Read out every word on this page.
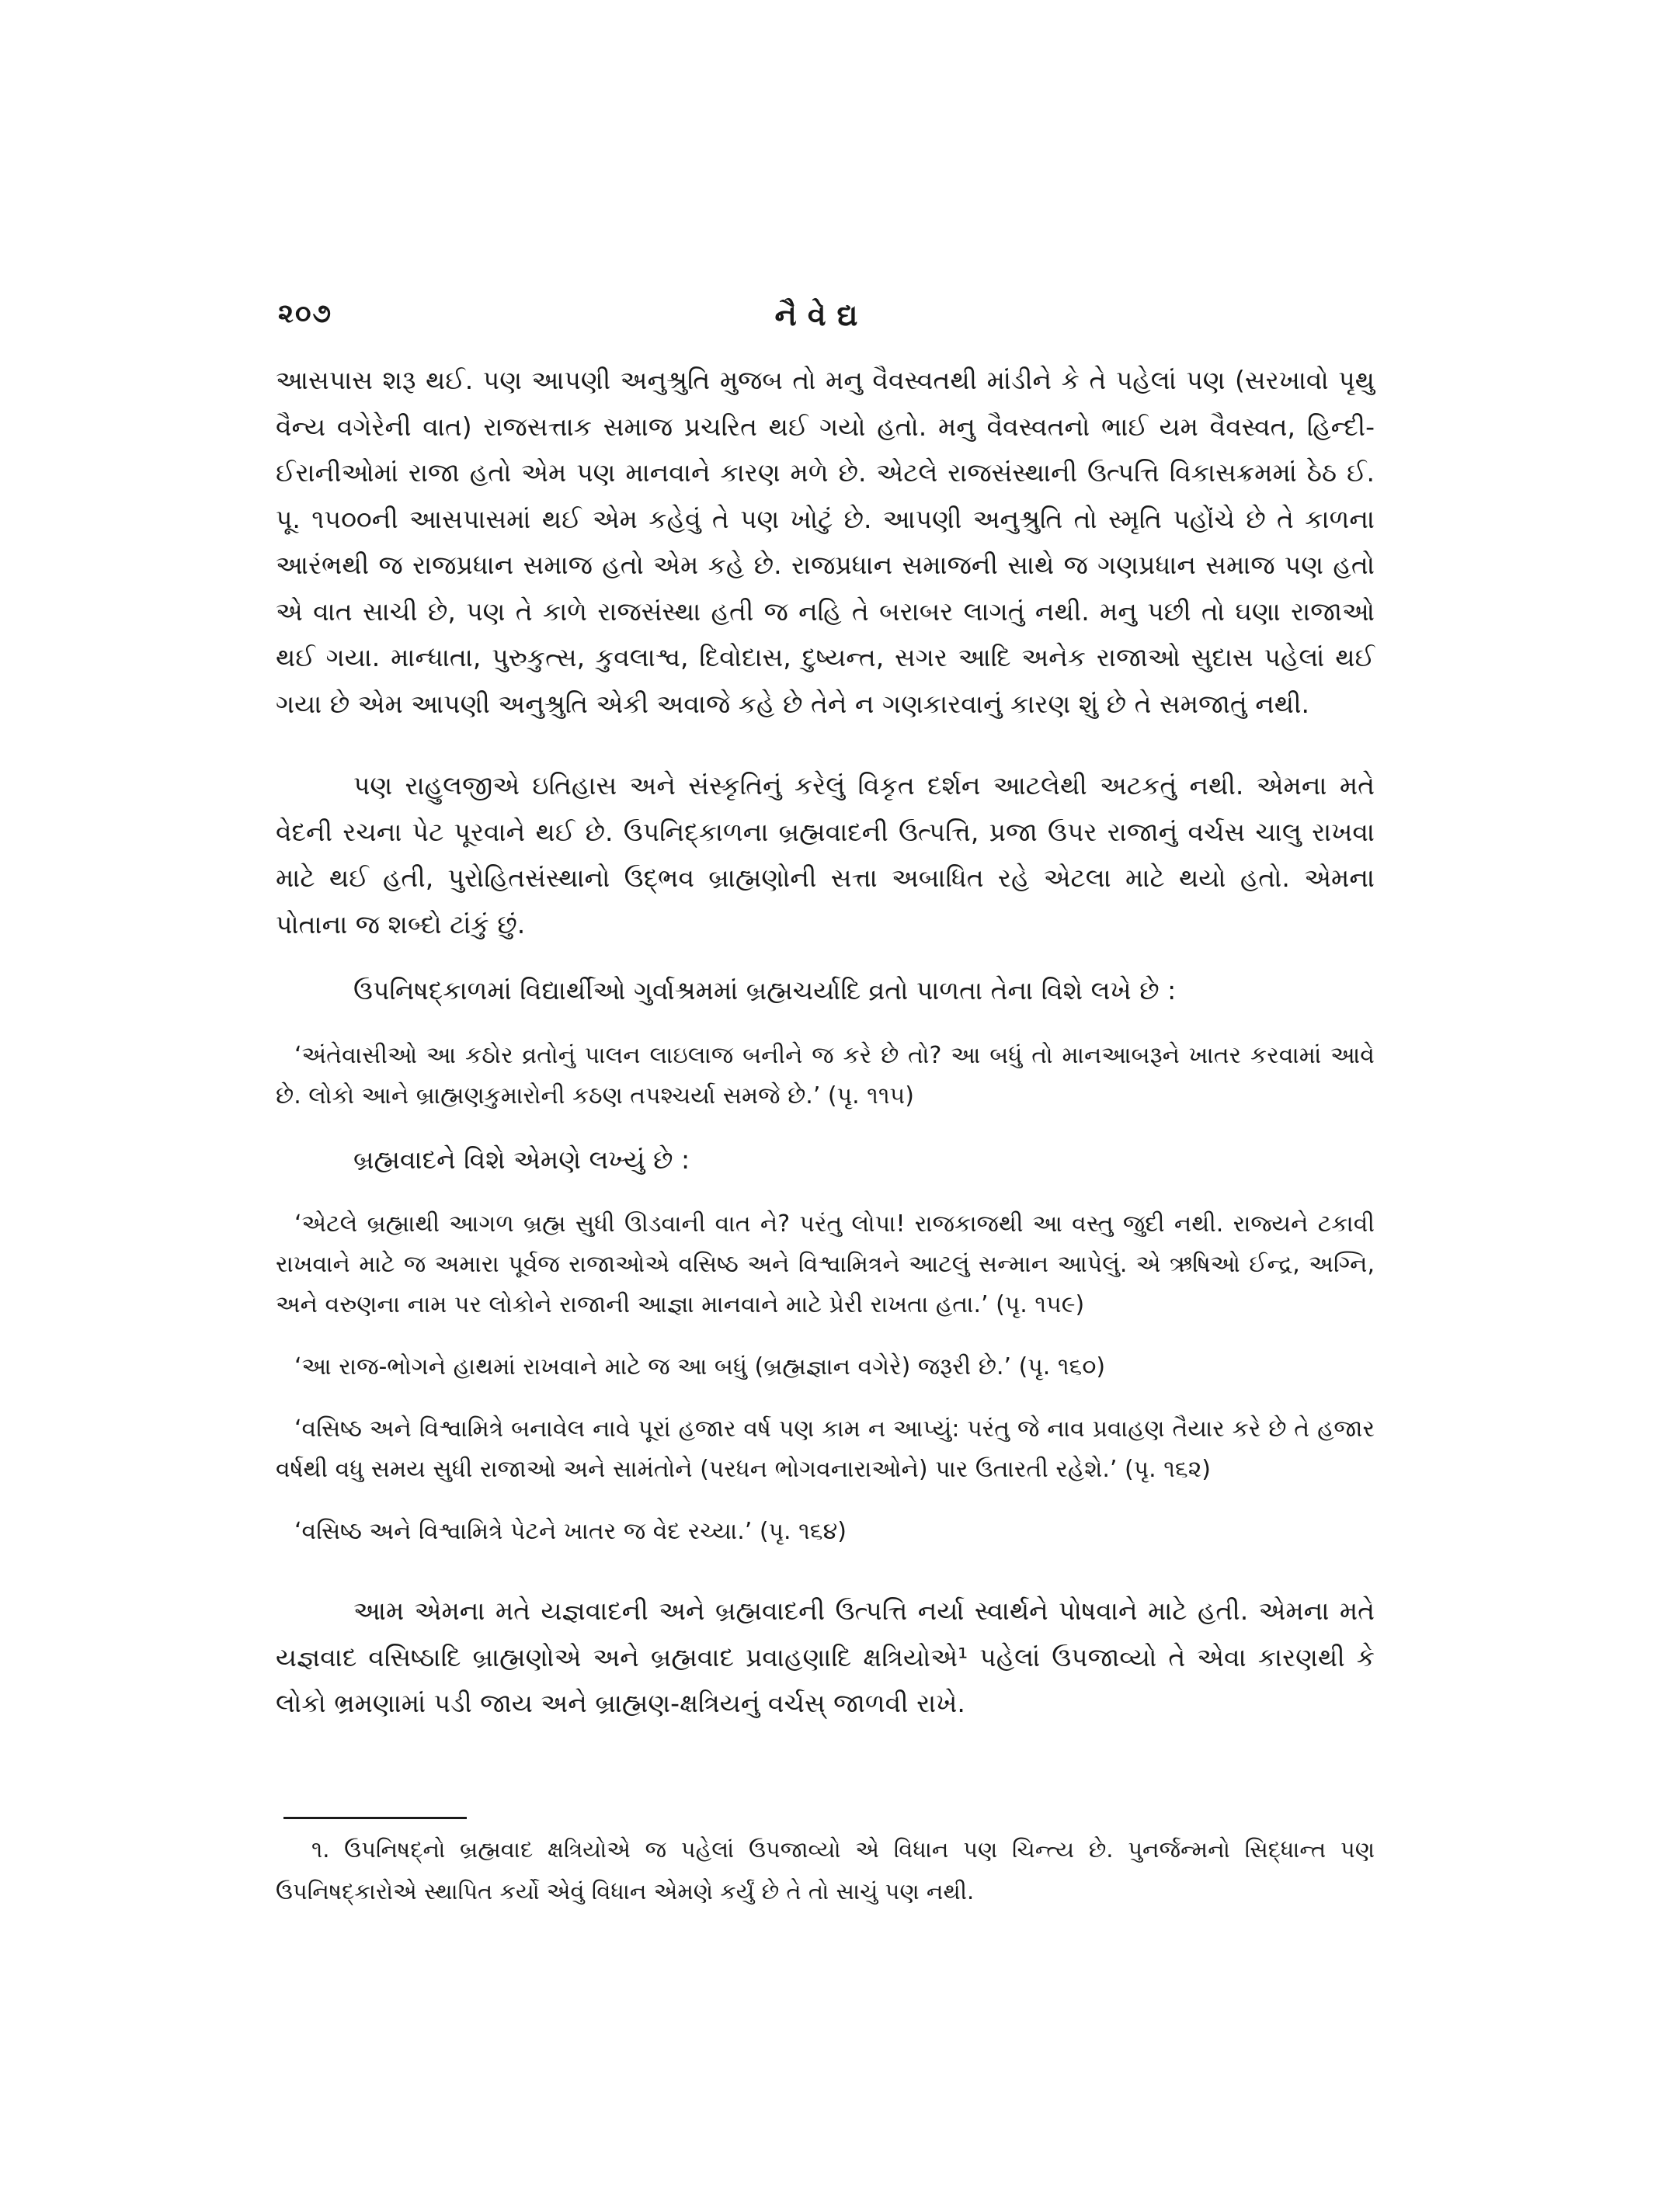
૨૦૭	નૈવેદ્ય

આસપાસ શરૂ થઈ. પણ આપણી અનુશ્રુતિ મુજબ તો મનુ વૈવસ્વતથી માંડીને કે તે પહેલાં પણ (સરખાવો પૃથુ વૈન્ય વગેરેની વાત) રાજસત્તાક સમાજ પ્રચરિત થઈ ગયો હતો. મનુ વૈવસ્વતનો ભાઈ યમ વૈવસ્વત, હિન્દી-ઈરાનીઓમાં રાજા હતો એમ પણ માનવાને કારણ મળે છે. એટલે રાજસંસ્થાની ઉત્પત્તિ વિકાસક્રમમાં ઠેઠ ઈ. પૂ. ૧૫૦૦ની આસપાસમાં થઈ એમ કહેવું તે પણ ખોટું છે. આપણી અનુશ્રુતિ તો સ્મૃતિ પહોંચે છે તે કાળના આરંભથી જ રાજપ્રધાન સમાજ હતો એમ કહે છે. રાજપ્રધાન સમાજની સાથે જ ગણપ્રધાન સમાજ પણ હતો એ વાત સાચી છે, પણ તે કાળે રાજસંસ્થા હતી જ નહિ તે બરાબર લાગતું નથી. મનુ પછી તો ઘણા રાજાઓ થઈ ગયા. માન્ધાતા, પુરુકુત્સ, કુવલાશ્વ, દિવોદાસ, દુષ્યન્ત, સગર આદિ અનેક રાજાઓ સુદાસ પહેલાં થઈ ગયા છે એમ આપણી અનુશ્રુતિ એકી અવાજે કહે છે તેને ન ગણકારવાનું કારણ શું છે તે સમજાતું નથી.

પણ રાહુલજીએ ઇતિહાસ અને સંસ્કૃતિનું કરેલું વિકૃત દર્શન આટલેથી અટકતું નથી. એમના મતે વેદની રચના પેટ પૂરવાને થઈ છે. ઉપનિદ્કાળના બ્રહ્મવાદની ઉત્પત્તિ, પ્રજા ઉપર રાજાનું વર્ચસ ચાલુ રાખવા માટે થઈ હતી, પુરોહિતસંસ્થાનો ઉદ્ભવ બ્રાહ્મણોની સત્તા અબાધિત રહે એટલા માટે થયો હતો. એમના પોતાના જ શબ્દો ટાંકું છું.

ઉપનિષદ્કાળમાં વિદ્યાર્થીઓ ગુર્વાશ્રમમાં બ્રહ્મચર્યાદિ વ્રતો પાળતા તેના વિશે લખે છે :

‘અંતેવાસીઓ આ કઠોર વ્રતોનું પાલન લાઇલાજ બનીને જ કરે છે તો? આ બધું તો માનઆબરૂને ખાતર કરવામાં આવે છે. લોકો આને બ્રાહ્મણકુમારોની કઠણ તપશ્ચર્યા સમજે છે.’ (પૃ. ૧૧૫)

બ્રહ્મવાદને વિશે એમણે લખ્યું છે :

‘એટલે બ્રહ્માથી આગળ બ્રહ્મ સુધી ઊડવાની વાત ને? પરંતુ લોપા! રાજકાજથી આ વસ્તુ જુદી નથી. રાજ્યને ટકાવી રાખવાને માટે જ અમારા પૂર્વજ રાજાઓએ વસિષ્ઠ અને વિશ્વામિત્રને આટલું સન્માન આપેલું. એ ઋષિઓ ઈન્દ્ર, અગ્નિ, અને વરુણના નામ પર લોકોને રાજાની આજ્ઞા માનવાને માટે પ્રેરી રાખતા હતા.’ (પૃ. ૧૫૯)

‘આ રાજ-ભોગને હાથમાં રાખવાને માટે જ આ બધું (બ્રહ્મજ્ઞાન વગેરે) જરૂરી છે.’ (પૃ. ૧૬૦)

‘વસિષ્ઠ અને વિશ્વામિત્રે બનાવેલ નાવે પૂરાં હજાર વર્ષ પણ કામ ન આપ્યું: પરંતુ જે નાવ પ્રવાહણ તૈયાર કરે છે તે હજાર વર્ષથી વધુ સમય સુધી રાજાઓ અને સામંતોને (પરધન ભોગવનારાઓને) પાર ઉતારતી રહેશે.’ (પૃ. ૧૬૨)

‘વસિષ્ઠ અને વિશ્વામિત્રે પેટને ખાતર જ વેદ રચ્યા.’ (પૃ. ૧૬૪)

આમ એમના મતે યજ્ઞવાદની અને બ્રહ્મવાદની ઉત્પત્તિ નર્યા સ્વાર્થને પોષવાને માટે હતી. એમના મતે યજ્ઞવાદ વસિષ્ઠાદિ બ્રાહ્મણોએ અને બ્રહ્મવાદ પ્રવાહણાદિ ક્ષત્રિયોએ¹ પહેલાં ઉપજાવ્યો તે એવા કારણથી કે લોકો ભ્રમણામાં પડી જાય અને બ્રાહ્મણ-ક્ષત્રિયનું વર્ચસ્ જાળવી રાખે.

૧. ઉપનિષદ્નો બ્રહ્મવાદ ક્ષત્રિયોએ જ પહેલાં ઉપજાવ્યો એ વિધાન પણ ચિન્ત્ય છે. પુનર્જન્મનો સિદ્ધાન્ત પણ ઉપનિષદ્કારોએ સ્થાપિત કર્યો એવું વિધાન એમણે કર્યું છે તે તો સાચું પણ નથી.
